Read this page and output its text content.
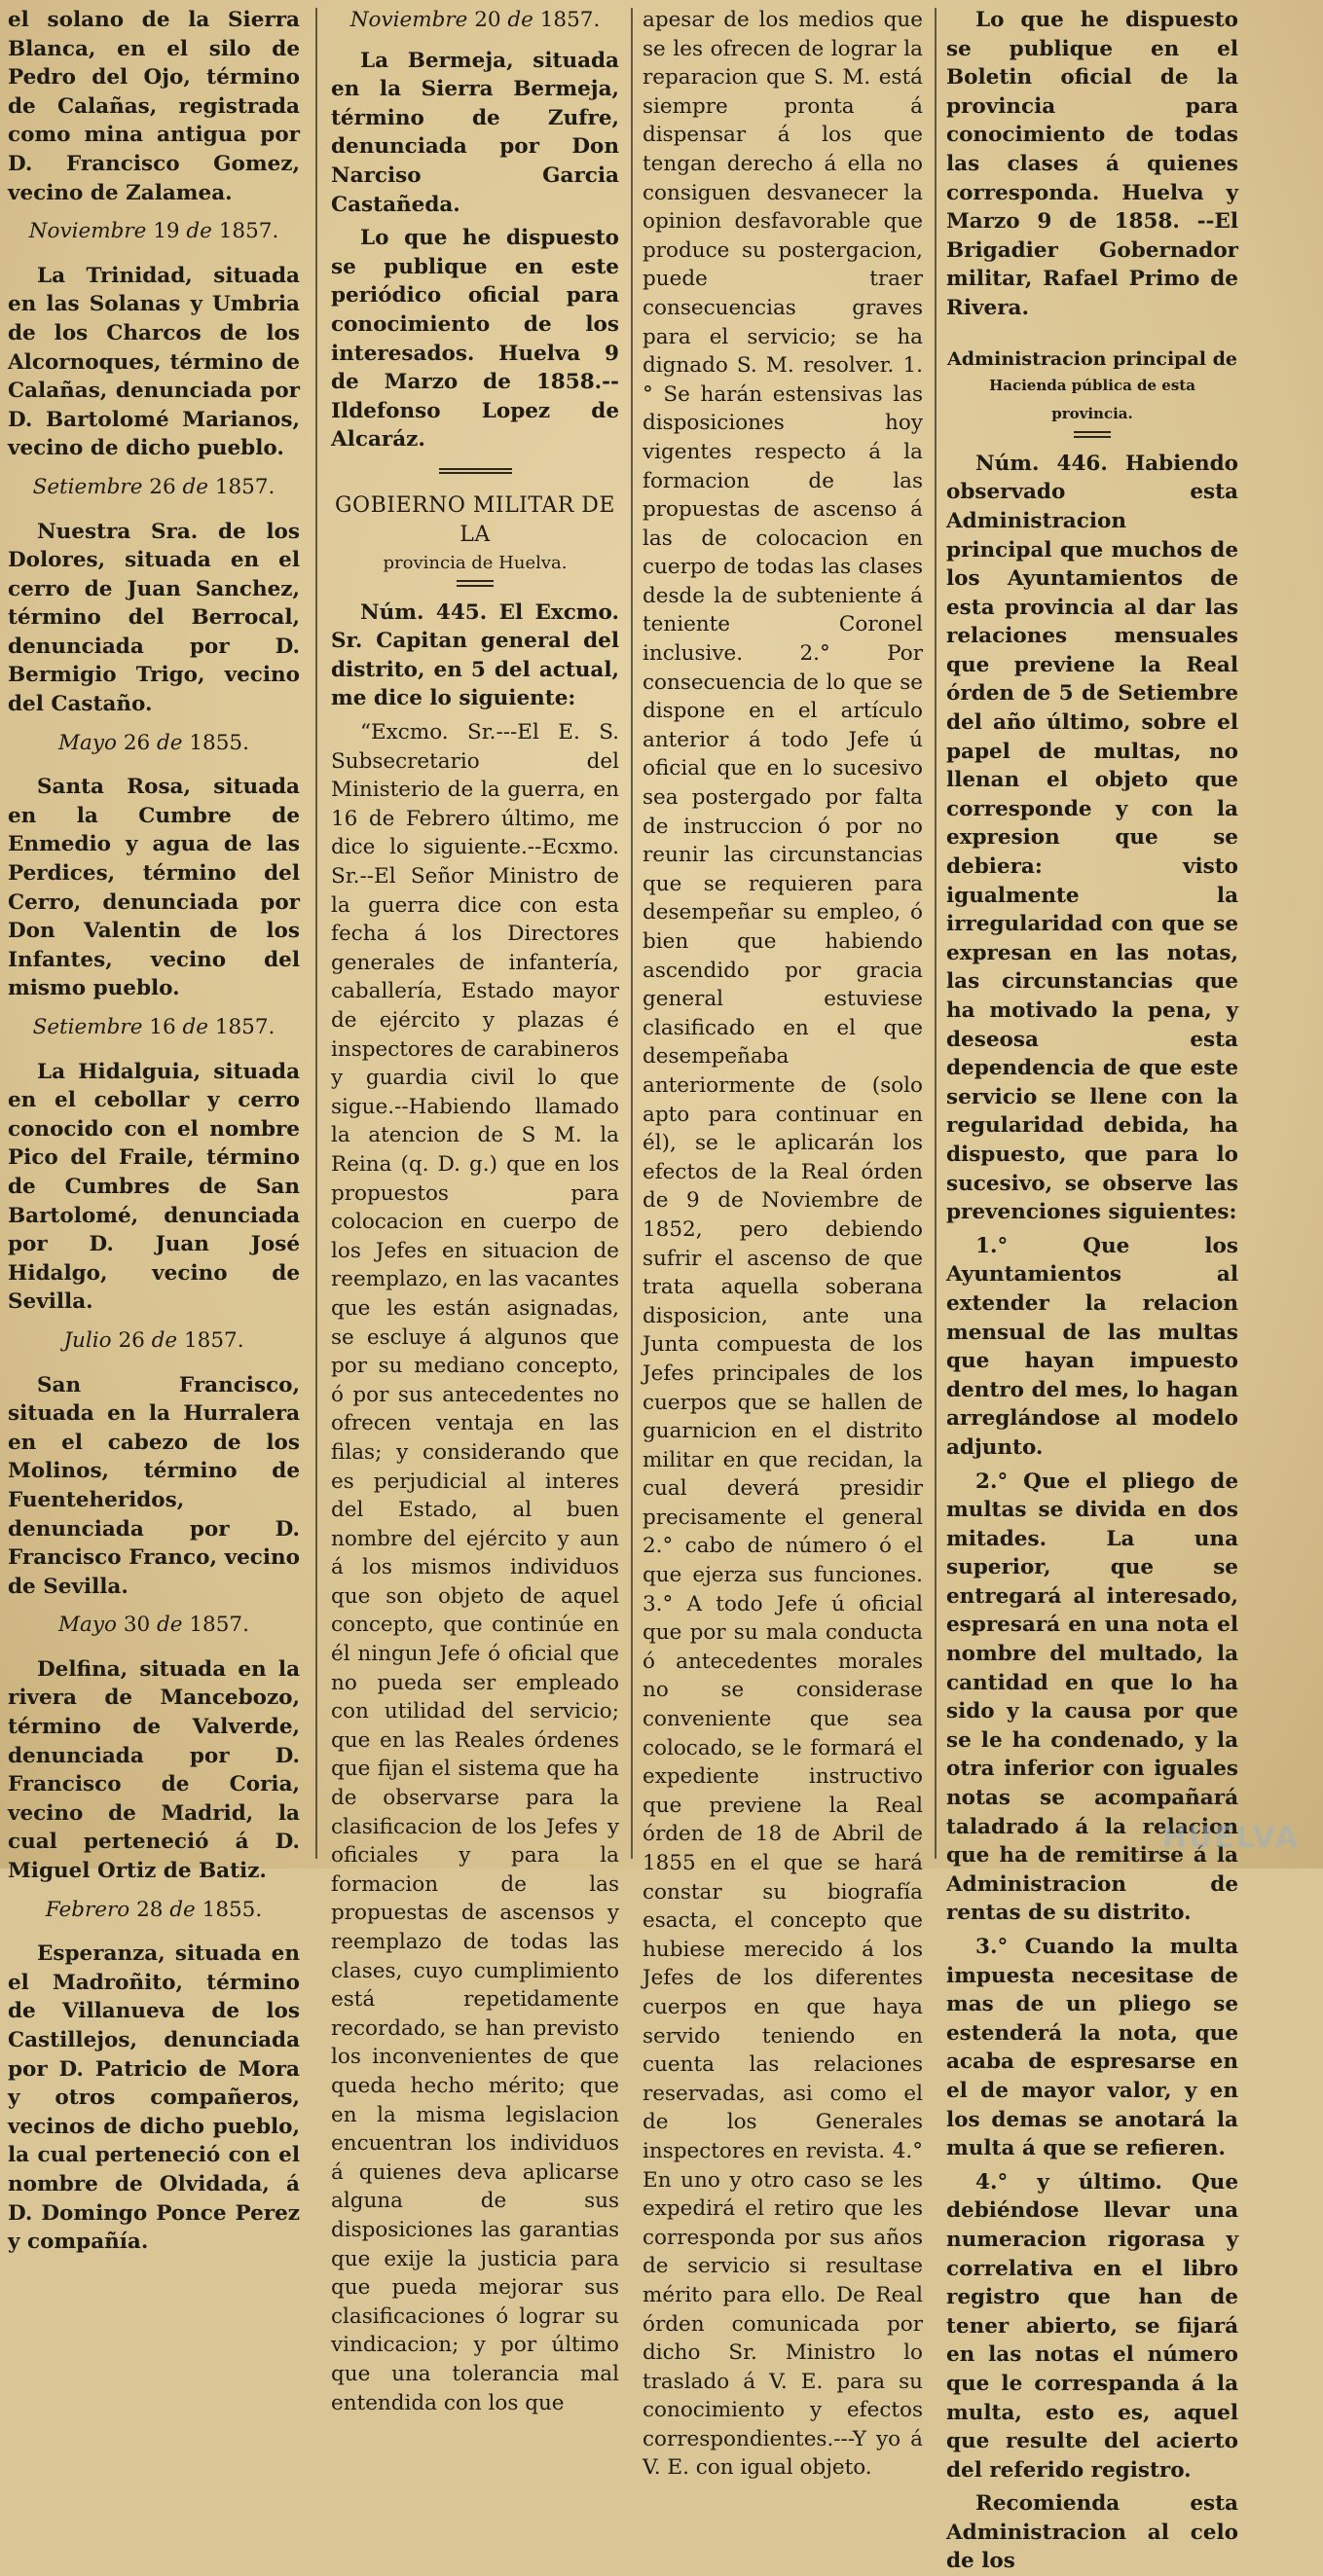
el solano de la Sierra Blanca, en el silo de Pedro del Ojo, término de Calañas, registrada como mina antigua por D. Francisco Gomez, vecino de Zalamea.

Noviembre 19 de 1857.

La Trinidad, situada en las Solanas y Umbria de los Charcos de los Alcornoques, término de Calañas, denunciada por D. Bartolomé Marianos, vecino de dicho pueblo.

Setiembre 26 de 1857.

Nuestra Sra. de los Dolores, situada en el cerro de Juan Sanchez, término del Berrocal, denunciada por D. Bermigio Trigo, vecino del Castaño.

Mayo 26 de 1855.

Santa Rosa, situada en la Cumbre de Enmedio y agua de las Perdices, término del Cerro, denunciada por Don Valentin de los Infantes, vecino del mismo pueblo.

Setiembre 16 de 1857.

La Hidalguia, situada en el cebollar y cerro conocido con el nombre Pico del Fraile, término de Cumbres de San Bartolomé, denunciada por D. Juan José Hidalgo, vecino de Sevilla.

Julio 26 de 1857.

San Francisco, situada en la Hurralera en el cabezo de los Molinos, término de Fuenteheridos, denunciada por D. Francisco Franco, vecino de Sevilla.

Mayo 30 de 1857.

Delfina, situada en la rivera de Mancebozo, término de Valverde, denunciada por D. Francisco de Coria, vecino de Madrid, la cual perteneció á D. Miguel Ortiz de Batiz.

Febrero 28 de 1855.

Esperanza, situada en el Madroñito, término de Villanueva de los Castillejos, denunciada por D. Patricio de Mora y otros compañeros, vecinos de dicho pueblo, la cual perteneció con el nombre de Olvidada, á D. Domingo Ponce Perez y compañía.

Noviembre 20 de 1857.

La Bermeja, situada en la Sierra Bermeja, término de Zufre, denunciada por Don Narciso Garcia Castañeda.

Lo que he dispuesto se publique en este periódico oficial para conocimiento de los interesados. Huelva 9 de Marzo de 1858.--Ildefonso Lopez de Alcaráz.

GOBIERNO MILITAR DE LA
provincia de Huelva.

Núm. 445. El Excmo. Sr. Capitan general del distrito, en 5 del actual, me dice lo siguiente:

“Excmo. Sr.---El E. S. Subsecretario del Ministerio de la guerra, en 16 de Febrero último, me dice lo siguiente.--Ecxmo. Sr.--El Señor Ministro de la guerra dice con esta fecha á los Directores generales de infantería, caballería, Estado mayor de ejército y plazas é inspectores de carabineros y guardia civil lo que sigue.--Habiendo llamado la atencion de S M. la Reina (q. D. g.) que en los propuestos para colocacion en cuerpo de los Jefes en situacion de reemplazo, en las vacantes que les están asignadas, se escluye á algunos que por su mediano concepto, ó por sus antecedentes no ofrecen ventaja en las filas; y considerando que es perjudicial al interes del Estado, al buen nombre del ejército y aun á los mismos individuos que son objeto de aquel concepto, que continúe en él ningun Jefe ó oficial que no pueda ser empleado con utilidad del servicio; que en las Reales órdenes que fijan el sistema que ha de observarse para la clasificacion de los Jefes y oficiales y para la formacion de las propuestas de ascensos y reemplazo de todas las clases, cuyo cumplimiento está repetidamente recordado, se han previsto los inconvenientes de que queda hecho mérito; que en la misma legislacion encuentran los individuos á quienes deva aplicarse alguna de sus disposiciones las garantias que exije la justicia para que pueda mejorar sus clasificaciones ó lograr su vindicacion; y por último que una tolerancia mal entendida con los que

apesar de los medios que se les ofrecen de lograr la reparacion que S. M. está siempre pronta á dispensar á los que tengan derecho á ella no consiguen desvanecer la opinion desfavorable que produce su postergacion, puede traer consecuencias graves para el servicio; se ha dignado S. M. resolver. 1.° Se harán estensivas las disposiciones hoy vigentes respecto á la formacion de las propuestas de ascenso á las de colocacion en cuerpo de todas las clases desde la de subteniente á teniente Coronel inclusive. 2.° Por consecuencia de lo que se dispone en el artículo anterior á todo Jefe ú oficial que en lo sucesivo sea postergado por falta de instruccion ó por no reunir las circunstancias que se requieren para desempeñar su empleo, ó bien que habiendo ascendido por gracia general estuviese clasificado en el que desempeñaba anteriormente de (solo apto para continuar en él), se le aplicarán los efectos de la Real órden de 9 de Noviembre de 1852, pero debiendo sufrir el ascenso de que trata aquella soberana disposicion, ante una Junta compuesta de los Jefes principales de los cuerpos que se hallen de guarnicion en el distrito militar en que recidan, la cual deverá presidir precisamente el general 2.° cabo de número ó el que ejerza sus funciones. 3.° A todo Jefe ú oficial que por su mala conducta ó antecedentes morales no se considerase conveniente que sea colocado, se le formará el expediente instructivo que previene la Real órden de 18 de Abril de 1855 en el que se hará constar su biografía esacta, el concepto que hubiese merecido á los Jefes de los diferentes cuerpos en que haya servido teniendo en cuenta las relaciones reservadas, asi como el de los Generales inspectores en revista. 4.° En uno y otro caso se les expedirá el retiro que les corresponda por sus años de servicio si resultase mérito para ello. De Real órden comunicada por dicho Sr. Ministro lo traslado á V. E. para su conocimiento y efectos correspondientes.---Y yo á V. E. con igual objeto.

Lo que he dispuesto se publique en el Boletin oficial de la provincia para conocimiento de todas las clases á quienes corresponda. Huelva y Marzo 9 de 1858. --El Brigadier Gobernador militar, Rafael Primo de Rivera.

Administracion principal de
Hacienda pública de esta provincia.

Núm. 446. Habiendo observado esta Administracion principal que muchos de los Ayuntamientos de esta provincia al dar las relaciones mensuales que previene la Real órden de 5 de Setiembre del año último, sobre el papel de multas, no llenan el objeto que corresponde y con la expresion que se debiera: visto igualmente la irregularidad con que se expresan en las notas, las circunstancias que ha motivado la pena, y deseosa esta dependencia de que este servicio se llene con la regularidad debida, ha dispuesto, que para lo sucesivo, se observe las prevenciones siguientes:

1.° Que los Ayuntamientos al extender la relacion mensual de las multas que hayan impuesto dentro del mes, lo hagan arreglándose al modelo adjunto.

2.° Que el pliego de multas se divida en dos mitades. La una superior, que se entregará al interesado, espresará en una nota el nombre del multado, la cantidad en que lo ha sido y la causa por que se le ha condenado, y la otra inferior con iguales notas se acompañará taladrado á la relacion que ha de remitirse á la Administracion de rentas de su distrito.

3.° Cuando la multa impuesta necesitase de mas de un pliego se estenderá la nota, que acaba de espresarse en el de mayor valor, y en los demas se anotará la multa á que se refieren.

4.° y último. Que debiéndose llevar una numeracion rigorasa y correlativa en el libro registro que han de tener abierto, se fijará en las notas el número que le correspanda á la multa, esto es, aquel que resulte del acierto del referido registro.

Recomienda esta Administracion al celo de los

HUELVA
